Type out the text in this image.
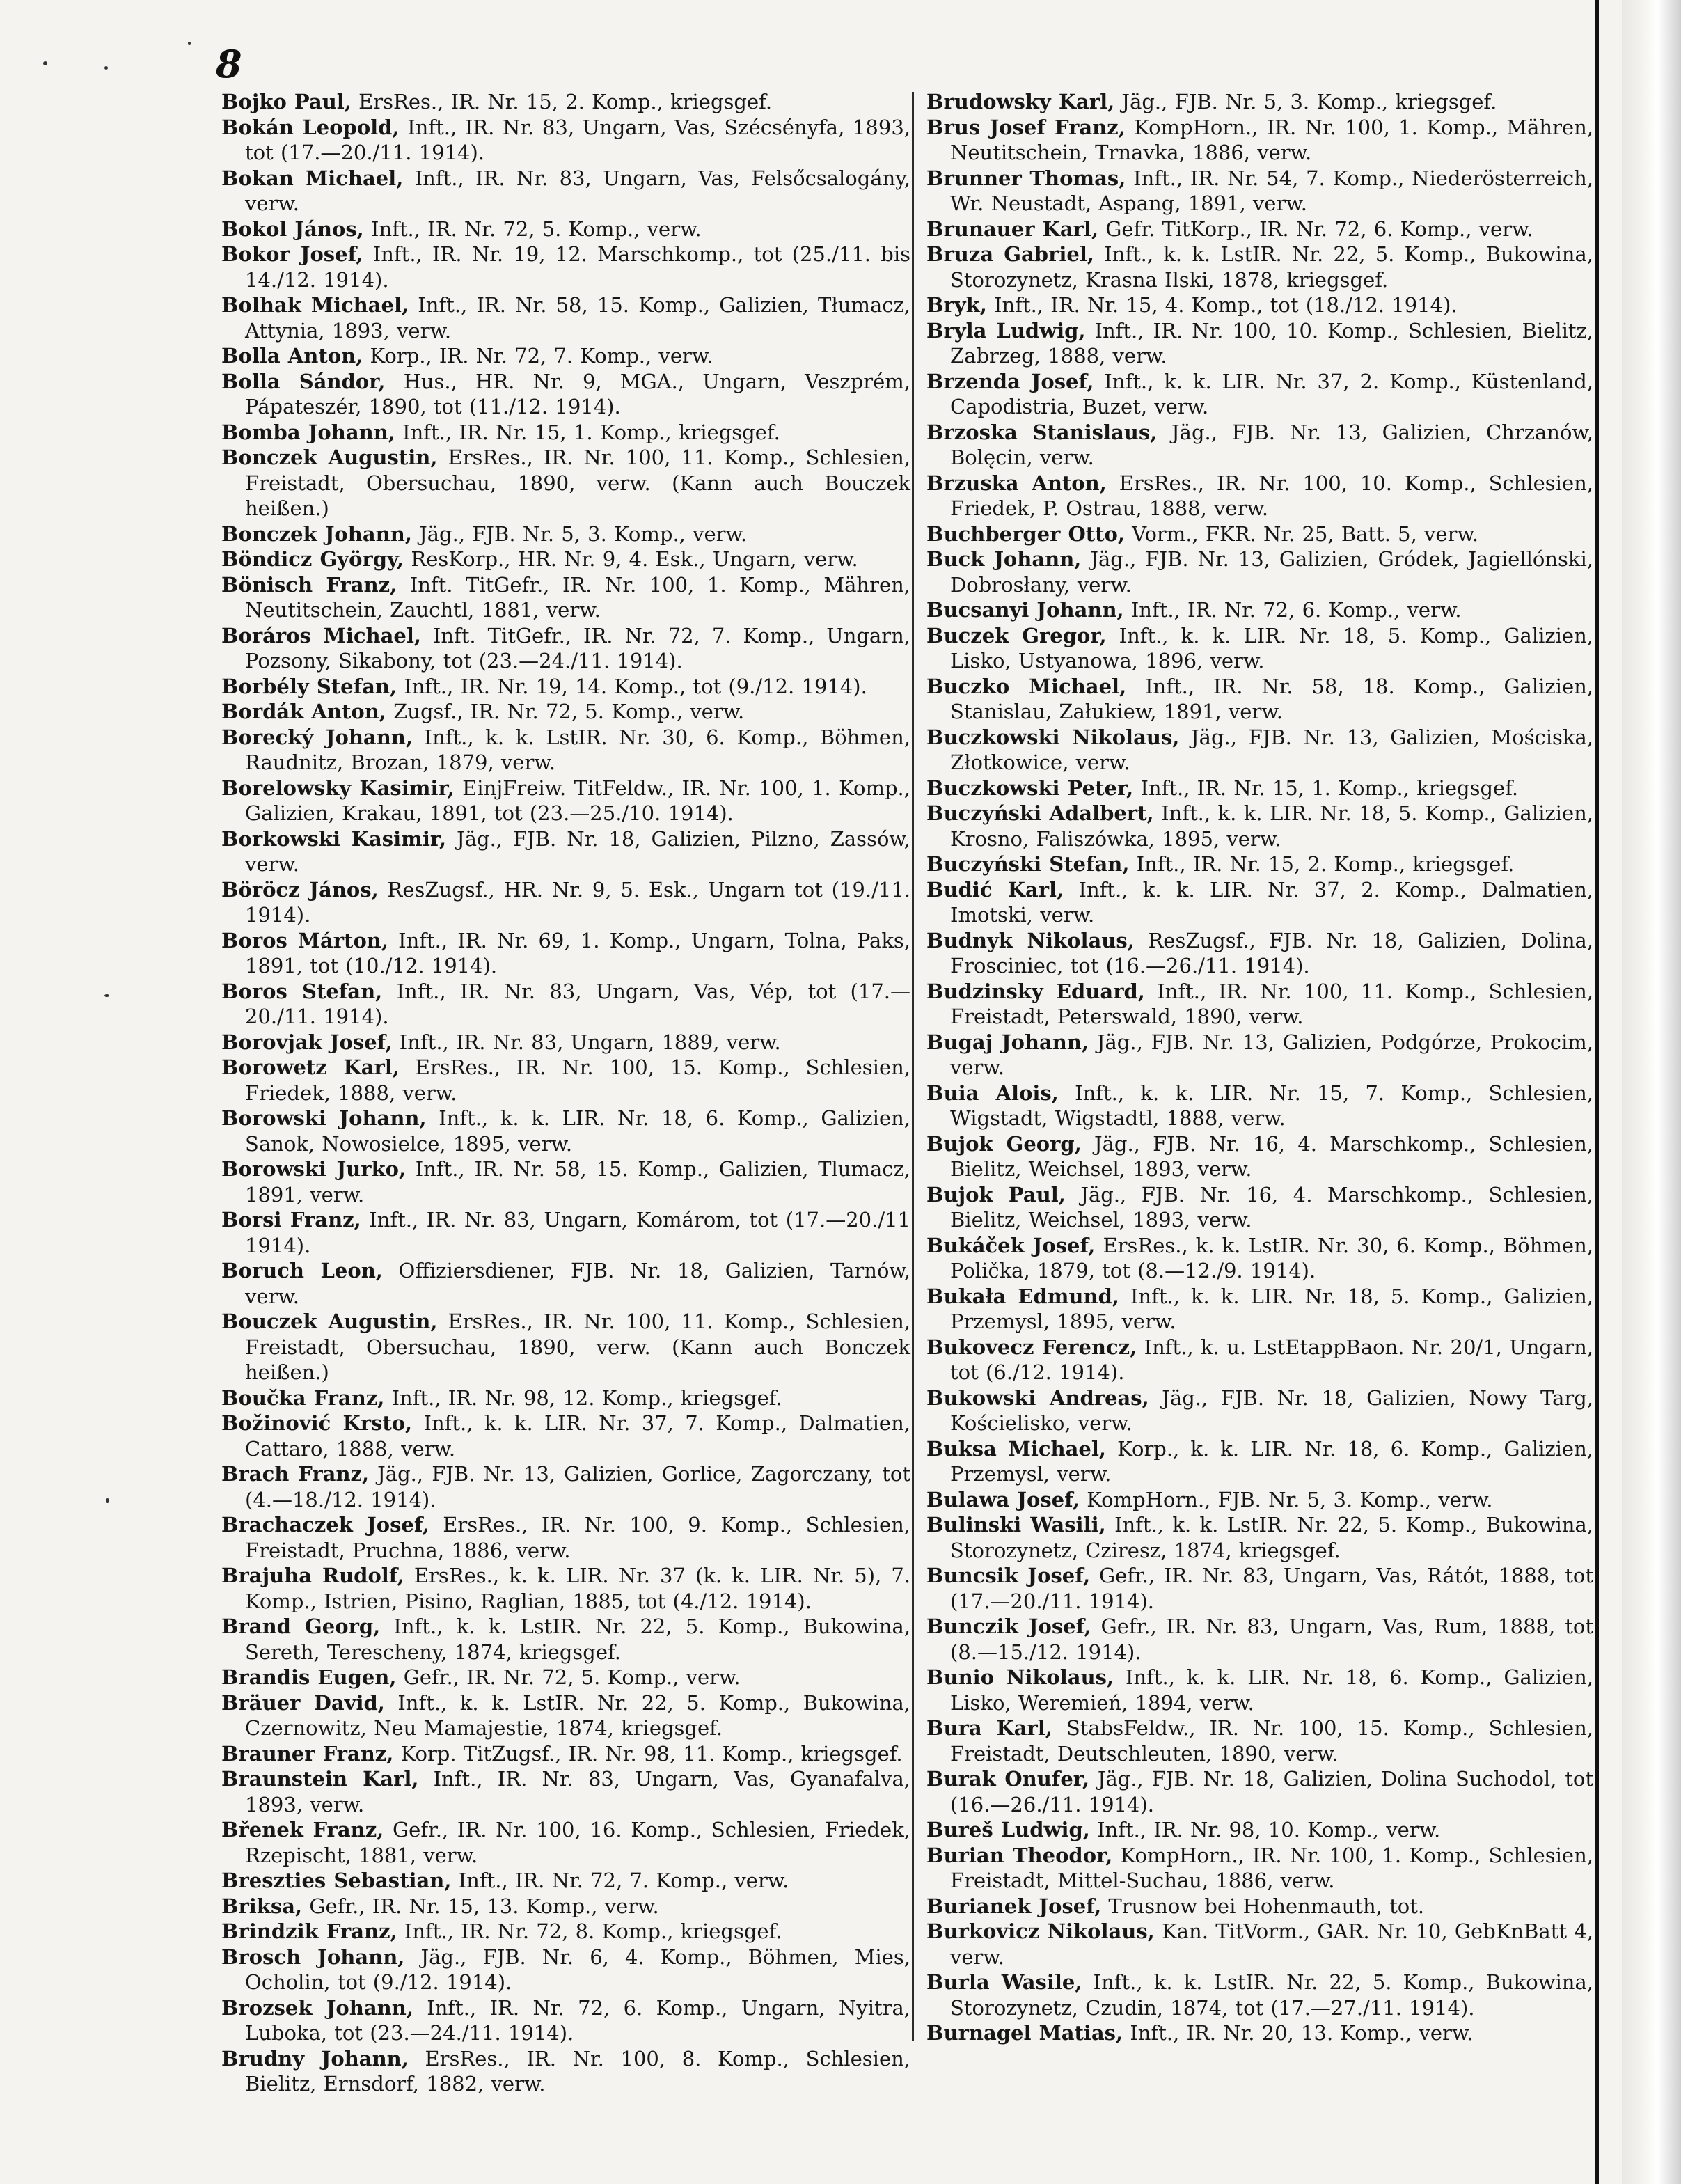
8

Bojko Paul, ErsRes., IR. Nr. 15, 2. Komp., kriegsgef.

Bokán Leopold, Inft., IR. Nr. 83, Ungarn, Vas, Szécsényfa, 1893, tot (17.—20./11. 1914).

Bokan Michael, Inft., IR. Nr. 83, Ungarn, Vas, Felsőcsalogány, verw.

Bokol János, Inft., IR. Nr. 72, 5. Komp., verw.

Bokor Josef, Inft., IR. Nr. 19, 12. Marschkomp., tot (25./11. bis 14./12. 1914).

Bolhak Michael, Inft., IR. Nr. 58, 15. Komp., Galizien, Tłumacz, Attynia, 1893, verw.

Bolla Anton, Korp., IR. Nr. 72, 7. Komp., verw.

Bolla Sándor, Hus., HR. Nr. 9, MGA., Ungarn, Veszprém, Pápateszér, 1890, tot (11./12. 1914).

Bomba Johann, Inft., IR. Nr. 15, 1. Komp., kriegsgef.

Bonczek Augustin, ErsRes., IR. Nr. 100, 11. Komp., Schlesien, Freistadt, Obersuchau, 1890, verw. (Kann auch Bouczek heißen.)

Bonczek Johann, Jäg., FJB. Nr. 5, 3. Komp., verw.

Böndicz György, ResKorp., HR. Nr. 9, 4. Esk., Ungarn, verw.

Bönisch Franz, Inft. TitGefr., IR. Nr. 100, 1. Komp., Mähren, Neutitschein, Zauchtl, 1881, verw.

Boráros Michael, Inft. TitGefr., IR. Nr. 72, 7. Komp., Ungarn, Pozsony, Sikabony, tot (23.—24./11. 1914).

Borbély Stefan, Inft., IR. Nr. 19, 14. Komp., tot (9./12. 1914).

Bordák Anton, Zugsf., IR. Nr. 72, 5. Komp., verw.

Borecký Johann, Inft., k. k. LstIR. Nr. 30, 6. Komp., Böhmen, Raudnitz, Brozan, 1879, verw.

Borelowsky Kasimir, EinjFreiw. TitFeldw., IR. Nr. 100, 1. Komp., Galizien, Krakau, 1891, tot (23.—25./10. 1914).

Borkowski Kasimir, Jäg., FJB. Nr. 18, Galizien, Pilzno, Zassów, verw.

Böröcz János, ResZugsf., HR. Nr. 9, 5. Esk., Ungarn tot (19./11. 1914).

Boros Márton, Inft., IR. Nr. 69, 1. Komp., Ungarn, Tolna, Paks, 1891, tot (10./12. 1914).

Boros Stefan, Inft., IR. Nr. 83, Ungarn, Vas, Vép, tot (17.—20./11. 1914).

Borovjak Josef, Inft., IR. Nr. 83, Ungarn, 1889, verw.

Borowetz Karl, ErsRes., IR. Nr. 100, 15. Komp., Schlesien, Friedek, 1888, verw.

Borowski Johann, Inft., k. k. LIR. Nr. 18, 6. Komp., Galizien, Sanok, Nowosielce, 1895, verw.

Borowski Jurko, Inft., IR. Nr. 58, 15. Komp., Galizien, Tlumacz, 1891, verw.

Borsi Franz, Inft., IR. Nr. 83, Ungarn, Komárom, tot (17.—20./11 1914).

Boruch Leon, Offiziersdiener, FJB. Nr. 18, Galizien, Tarnów, verw.

Bouczek Augustin, ErsRes., IR. Nr. 100, 11. Komp., Schlesien, Freistadt, Obersuchau, 1890, verw. (Kann auch Bonczek heißen.)

Boučka Franz, Inft., IR. Nr. 98, 12. Komp., kriegsgef.

Božinović Krsto, Inft., k. k. LIR. Nr. 37, 7. Komp., Dalmatien, Cattaro, 1888, verw.

Brach Franz, Jäg., FJB. Nr. 13, Galizien, Gorlice, Zagorczany, tot (4.—18./12. 1914).

Brachaczek Josef, ErsRes., IR. Nr. 100, 9. Komp., Schlesien, Freistadt, Pruchna, 1886, verw.

Brajuha Rudolf, ErsRes., k. k. LIR. Nr. 37 (k. k. LIR. Nr. 5), 7. Komp., Istrien, Pisino, Raglian, 1885, tot (4./12. 1914).

Brand Georg, Inft., k. k. LstIR. Nr. 22, 5. Komp., Bukowina, Sereth, Terescheny, 1874, kriegsgef.

Brandis Eugen, Gefr., IR. Nr. 72, 5. Komp., verw.

Bräuer David, Inft., k. k. LstIR. Nr. 22, 5. Komp., Bukowina, Czernowitz, Neu Mamajestie, 1874, kriegsgef.

Brauner Franz, Korp. TitZugsf., IR. Nr. 98, 11. Komp., kriegsgef.

Braunstein Karl, Inft., IR. Nr. 83, Ungarn, Vas, Gyanafalva, 1893, verw.

Břenek Franz, Gefr., IR. Nr. 100, 16. Komp., Schlesien, Friedek, Rzepischt, 1881, verw.

Breszties Sebastian, Inft., IR. Nr. 72, 7. Komp., verw.

Briksa, Gefr., IR. Nr. 15, 13. Komp., verw.

Brindzik Franz, Inft., IR. Nr. 72, 8. Komp., kriegsgef.

Brosch Johann, Jäg., FJB. Nr. 6, 4. Komp., Böhmen, Mies, Ocholin, tot (9./12. 1914).

Brozsek Johann, Inft., IR. Nr. 72, 6. Komp., Ungarn, Nyitra, Luboka, tot (23.—24./11. 1914).

Brudny Johann, ErsRes., IR. Nr. 100, 8. Komp., Schlesien, Bielitz, Ernsdorf, 1882, verw.

Brudowsky Karl, Jäg., FJB. Nr. 5, 3. Komp., kriegsgef.

Brus Josef Franz, KompHorn., IR. Nr. 100, 1. Komp., Mähren, Neutitschein, Trnavka, 1886, verw.

Brunner Thomas, Inft., IR. Nr. 54, 7. Komp., Niederösterreich, Wr. Neustadt, Aspang, 1891, verw.

Brunauer Karl, Gefr. TitKorp., IR. Nr. 72, 6. Komp., verw.

Bruza Gabriel, Inft., k. k. LstIR. Nr. 22, 5. Komp., Bukowina, Storozynetz, Krasna Ilski, 1878, kriegsgef.

Bryk, Inft., IR. Nr. 15, 4. Komp., tot (18./12. 1914).

Bryla Ludwig, Inft., IR. Nr. 100, 10. Komp., Schlesien, Bielitz, Zabrzeg, 1888, verw.

Brzenda Josef, Inft., k. k. LIR. Nr. 37, 2. Komp., Küstenland, Capodistria, Buzet, verw.

Brzoska Stanislaus, Jäg., FJB. Nr. 13, Galizien, Chrzanów, Bolęcin, verw.

Brzuska Anton, ErsRes., IR. Nr. 100, 10. Komp., Schlesien, Friedek, P. Ostrau, 1888, verw.

Buchberger Otto, Vorm., FKR. Nr. 25, Batt. 5, verw.

Buck Johann, Jäg., FJB. Nr. 13, Galizien, Gródek, Jagiellónski, Dobrosłany, verw.

Bucsanyi Johann, Inft., IR. Nr. 72, 6. Komp., verw.

Buczek Gregor, Inft., k. k. LIR. Nr. 18, 5. Komp., Galizien, Lisko, Ustyanowa, 1896, verw.

Buczko Michael, Inft., IR. Nr. 58, 18. Komp., Galizien, Stanislau, Załukiew, 1891, verw.

Buczkowski Nikolaus, Jäg., FJB. Nr. 13, Galizien, Mościska, Złotkowice, verw.

Buczkowski Peter, Inft., IR. Nr. 15, 1. Komp., kriegsgef.

Buczyński Adalbert, Inft., k. k. LIR. Nr. 18, 5. Komp., Galizien, Krosno, Faliszówka, 1895, verw.

Buczyński Stefan, Inft., IR. Nr. 15, 2. Komp., kriegsgef.

Budić Karl, Inft., k. k. LIR. Nr. 37, 2. Komp., Dalmatien, Imotski, verw.

Budnyk Nikolaus, ResZugsf., FJB. Nr. 18, Galizien, Dolina, Frosciniec, tot (16.—26./11. 1914).

Budzinsky Eduard, Inft., IR. Nr. 100, 11. Komp., Schlesien, Freistadt, Peterswald, 1890, verw.

Bugaj Johann, Jäg., FJB. Nr. 13, Galizien, Podgórze, Prokocim, verw.

Buia Alois, Inft., k. k. LIR. Nr. 15, 7. Komp., Schlesien, Wigstadt, Wigstadtl, 1888, verw.

Bujok Georg, Jäg., FJB. Nr. 16, 4. Marschkomp., Schlesien, Bielitz, Weichsel, 1893, verw.

Bujok Paul, Jäg., FJB. Nr. 16, 4. Marschkomp., Schlesien, Bielitz, Weichsel, 1893, verw.

Bukáček Josef, ErsRes., k. k. LstIR. Nr. 30, 6. Komp., Böhmen, Polička, 1879, tot (8.—12./9. 1914).

Bukała Edmund, Inft., k. k. LIR. Nr. 18, 5. Komp., Galizien, Przemysl, 1895, verw.

Bukovecz Ferencz, Inft., k. u. LstEtappBaon. Nr. 20/1, Ungarn, tot (6./12. 1914).

Bukowski Andreas, Jäg., FJB. Nr. 18, Galizien, Nowy Targ, Kościelisko, verw.

Buksa Michael, Korp., k. k. LIR. Nr. 18, 6. Komp., Galizien, Przemysl, verw.

Bulawa Josef, KompHorn., FJB. Nr. 5, 3. Komp., verw.

Bulinski Wasili, Inft., k. k. LstIR. Nr. 22, 5. Komp., Bukowina, Storozynetz, Cziresz, 1874, kriegsgef.

Buncsik Josef, Gefr., IR. Nr. 83, Ungarn, Vas, Rátót, 1888, tot (17.—20./11. 1914).

Bunczik Josef, Gefr., IR. Nr. 83, Ungarn, Vas, Rum, 1888, tot (8.—15./12. 1914).

Bunio Nikolaus, Inft., k. k. LIR. Nr. 18, 6. Komp., Galizien, Lisko, Weremień, 1894, verw.

Bura Karl, StabsFeldw., IR. Nr. 100, 15. Komp., Schlesien, Freistadt, Deutschleuten, 1890, verw.

Burak Onufer, Jäg., FJB. Nr. 18, Galizien, Dolina Suchodol, tot (16.—26./11. 1914).

Bureš Ludwig, Inft., IR. Nr. 98, 10. Komp., verw.

Burian Theodor, KompHorn., IR. Nr. 100, 1. Komp., Schlesien, Freistadt, Mittel-Suchau, 1886, verw.

Burianek Josef, Trusnow bei Hohenmauth, tot.

Burkovicz Nikolaus, Kan. TitVorm., GAR. Nr. 10, GebKnBatt 4, verw.

Burla Wasile, Inft., k. k. LstIR. Nr. 22, 5. Komp., Bukowina, Storozynetz, Czudin, 1874, tot (17.—27./11. 1914).

Burnagel Matias, Inft., IR. Nr. 20, 13. Komp., verw.
